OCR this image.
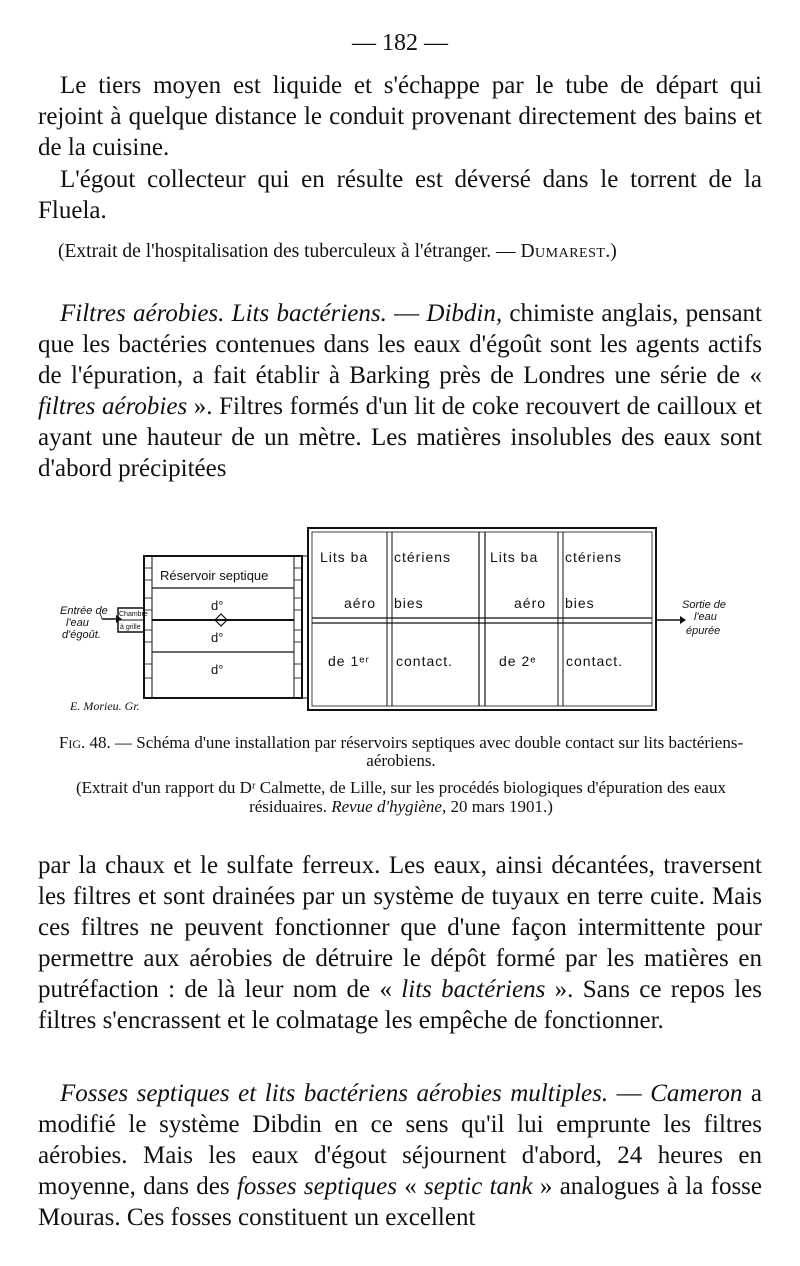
— 182 —

Le tiers moyen est liquide et s'échappe par le tube de départ qui rejoint à quelque distance le conduit provenant directement des bains et de la cuisine.

L'égout collecteur qui en résulte est déversé dans le torrent de la Fluela.

(Extrait de l'hospitalisation des tuberculeux à l'étranger. — Dumarest.)

Filtres aérobies. Lits bactériens. — Dibdin, chimiste anglais, pensant que les bactéries contenues dans les eaux d'égoût sont les agents actifs de l'épuration, a fait établir à Barking près de Londres une série de « filtres aérobies ». Filtres formés d'un lit de coke recouvert de cailloux et ayant une hauteur de un mètre. Les matières insolubles des eaux sont d'abord précipitées

Entrée de
l'eau
d'égoût.
Chambre
à grille
Réservoir septique
d°
d°
d°
Lits ba ctériens
aéro bies
de 1ᵉʳ contact.
Lits ba ctériens
aéro bies
de 2ᵉ contact.
Sortie de
l'eau
épurée
E. Morieu. Gr.

Fig. 48. — Schéma d'une installation par réservoirs septiques avec double contact sur lits bactériens-aérobiens.

(Extrait d'un rapport du Dʳ Calmette, de Lille, sur les procédés biologiques d'épuration des eaux résiduaires. Revue d'hygiène, 20 mars 1901.)

par la chaux et le sulfate ferreux. Les eaux, ainsi décantées, traversent les filtres et sont drainées par un système de tuyaux en terre cuite. Mais ces filtres ne peuvent fonctionner que d'une façon intermittente pour permettre aux aérobies de détruire le dépôt formé par les matières en putréfaction : de là leur nom de « lits bactériens ». Sans ce repos les filtres s'encrassent et le colmatage les empêche de fonctionner.

Fosses septiques et lits bactériens aérobies multiples. — Cameron a modifié le système Dibdin en ce sens qu'il lui emprunte les filtres aérobies. Mais les eaux d'égout séjournent d'abord, 24 heures en moyenne, dans des fosses septiques « septic tank » analogues à la fosse Mouras. Ces fosses constituent un excellent
